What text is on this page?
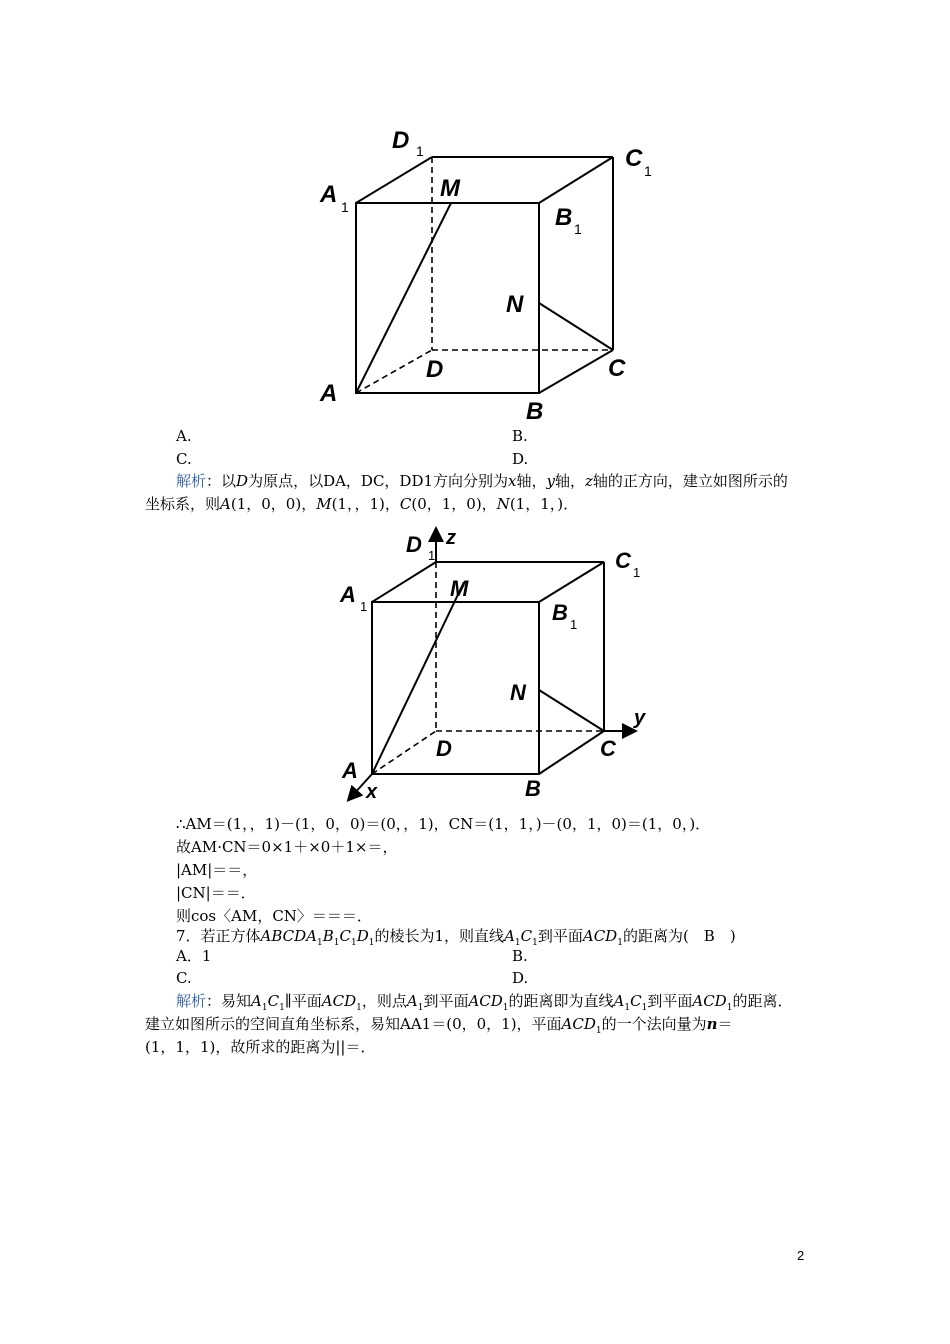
D 1	C 1
A 1
M
B 1
N
D	C
A
B
A.	B.
C.	D.
解析：以D为原点，以DA，DC，DD1方向分别为x轴，y轴，z轴的正方向，建立如图所示的
坐标系，则A(1，0，0)，M(1，，1)，C(0，1，0)，N(1，1，)．
D 1
z
C 1
A 1
M
B 1
N
y
D	C
A
B
x
∴AM＝(1，，1)－(1，0，0)＝(0，，1)，CN＝(1，1，)－(0，1，0)＝(1，0，)．
故AM·CN＝0×1＋×0＋1×＝，
|AM|＝＝，
|CN|＝＝．
则cos〈AM，CN〉＝＝＝．
7．若正方体$ABCDA_1B_1C_1D_1$的棱长为1，则直线$A_1C_1$到平面$ACD_1$的距离为(　B　)
A．1	B.
C.	D.
解析：易知$A_1C_1\parallel$平面$ACD_1$，则点$A_1$到平面$ACD_1$的距离即为直线$A_1C_1$到平面$ACD_1$的距离．
建立如图所示的空间直角坐标系，易知AA1＝(0，0，1)，平面$ACD_1$的一个法向量为n＝
(1，1，1)，故所求的距离为||＝．
2
